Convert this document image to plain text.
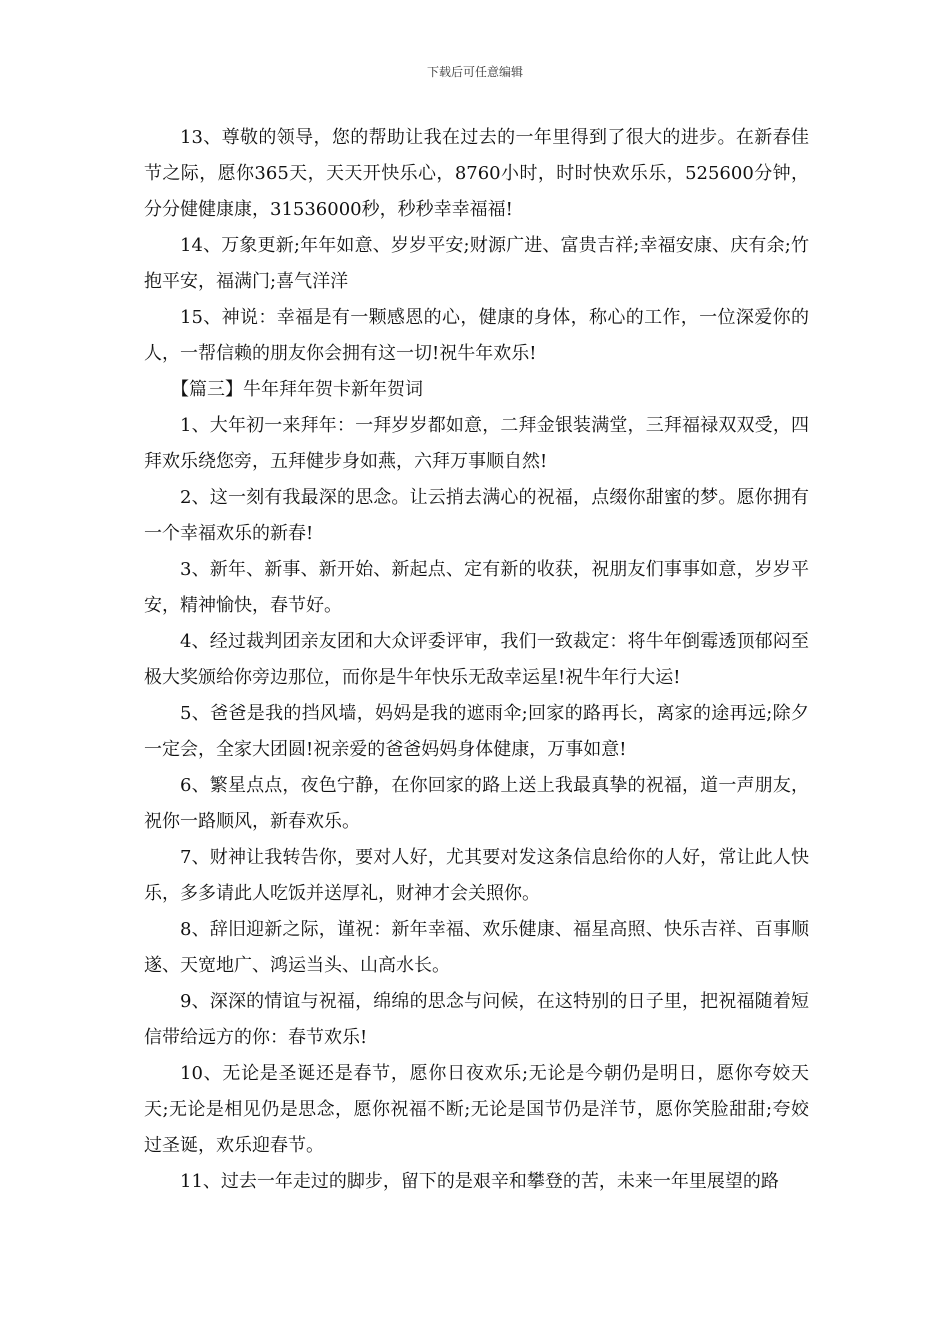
下载后可任意编辑

13、尊敬的领导，您的帮助让我在过去的一年里得到了很大的进步。在新春佳节之际，愿你365天，天天开快乐心，8760小时，时时快欢乐乐，525600分钟，分分健健康康，31536000秒，秒秒幸幸福福!

14、万象更新;年年如意、岁岁平安;财源广进、富贵吉祥;幸福安康、庆有余;竹抱平安，福满门;喜气洋洋

15、神说：幸福是有一颗感恩的心，健康的身体，称心的工作，一位深爱你的人，一帮信赖的朋友你会拥有这一切!祝牛年欢乐!

【篇三】牛年拜年贺卡新年贺词

1、大年初一来拜年：一拜岁岁都如意，二拜金银装满堂，三拜福禄双双受，四拜欢乐绕您旁，五拜健步身如燕，六拜万事顺自然!

2、这一刻有我最深的思念。让云捎去满心的祝福，点缀你甜蜜的梦。愿你拥有一个幸福欢乐的新春!

3、新年、新事、新开始、新起点、定有新的收获，祝朋友们事事如意，岁岁平安，精神愉快，春节好。

4、经过裁判团亲友团和大众评委评审，我们一致裁定：将牛年倒霉透顶郁闷至极大奖颁给你旁边那位，而你是牛年快乐无敌幸运星!祝牛年行大运!

5、爸爸是我的挡风墙，妈妈是我的遮雨伞;回家的路再长，离家的途再远;除夕一定会，全家大团圆!祝亲爱的爸爸妈妈身体健康，万事如意!

6、繁星点点，夜色宁静，在你回家的路上送上我最真挚的祝福，道一声朋友，祝你一路顺风，新春欢乐。

7、财神让我转告你，要对人好，尤其要对发这条信息给你的人好，常让此人快乐，多多请此人吃饭并送厚礼，财神才会关照你。

8、辞旧迎新之际，谨祝：新年幸福、欢乐健康、福星高照、快乐吉祥、百事顺遂、天宽地广、鸿运当头、山高水长。

9、深深的情谊与祝福，绵绵的思念与问候，在这特别的日子里，把祝福随着短信带给远方的你：春节欢乐!

10、无论是圣诞还是春节，愿你日夜欢乐;无论是今朝仍是明日，愿你夸姣天天;无论是相见仍是思念，愿你祝福不断;无论是国节仍是洋节，愿你笑脸甜甜;夸姣过圣诞，欢乐迎春节。

11、过去一年走过的脚步，留下的是艰辛和攀登的苦，未来一年里展望的路
